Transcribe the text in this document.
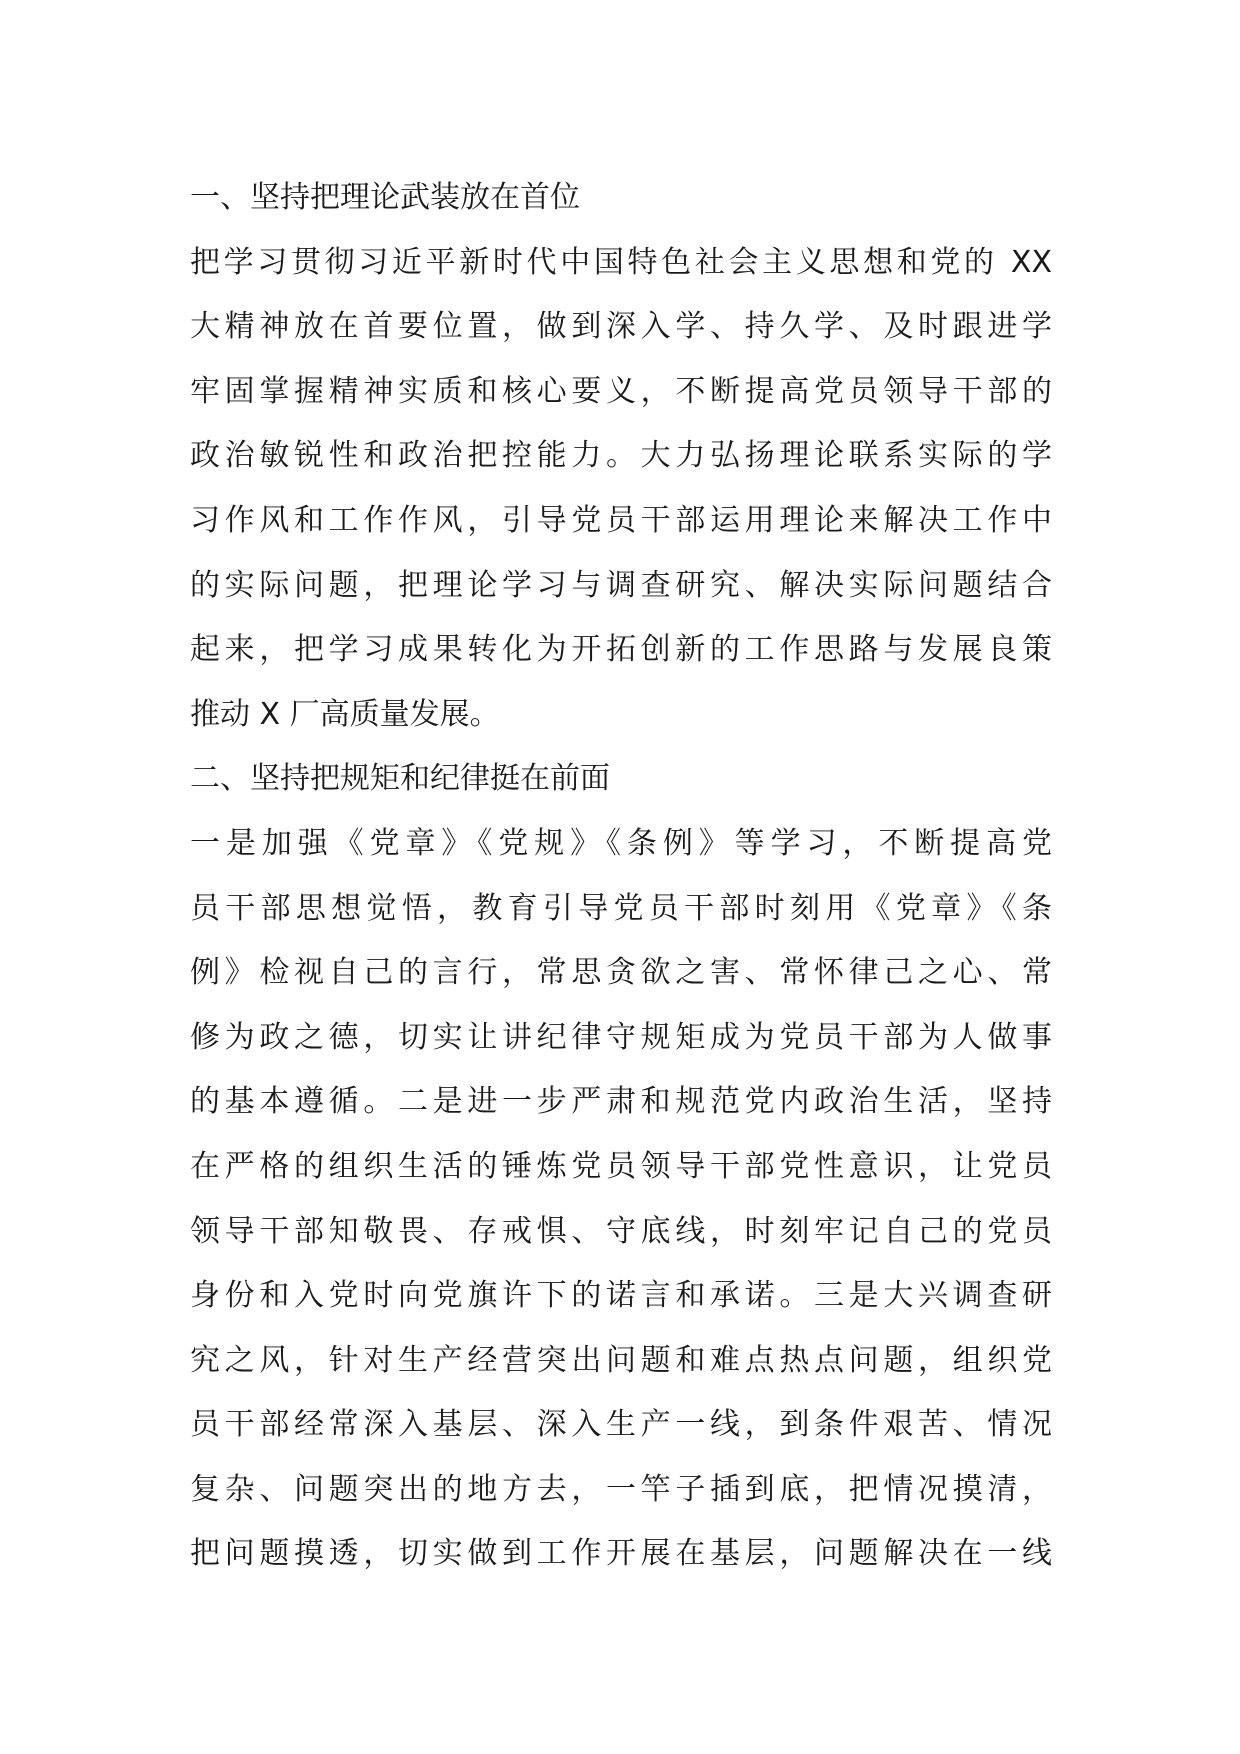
一、坚持把理论武装放在首位
把学习贯彻习近平新时代中国特色社会主义思想和党的 XX
大精神放在首要位置，做到深入学、持久学、及时跟进学
牢固掌握精神实质和核心要义，不断提高党员领导干部的
政治敏锐性和政治把控能力。大力弘扬理论联系实际的学
习作风和工作作风，引导党员干部运用理论来解决工作中
的实际问题，把理论学习与调查研究、解决实际问题结合
起来，把学习成果转化为开拓创新的工作思路与发展良策
推动 X 厂高质量发展。
二、坚持把规矩和纪律挺在前面
一是加强《党章》《党规》《条例》等学习，不断提高党
员干部思想觉悟，教育引导党员干部时刻用《党章》《条
例》检视自己的言行，常思贪欲之害、常怀律己之心、常
修为政之德，切实让讲纪律守规矩成为党员干部为人做事
的基本遵循。二是进一步严肃和规范党内政治生活，坚持
在严格的组织生活的锤炼党员领导干部党性意识，让党员
领导干部知敬畏、存戒惧、守底线，时刻牢记自己的党员
身份和入党时向党旗许下的诺言和承诺。三是大兴调查研
究之风，针对生产经营突出问题和难点热点问题，组织党
员干部经常深入基层、深入生产一线，到条件艰苦、情况
复杂、问题突出的地方去，一竿子插到底，把情况摸清，
把问题摸透，切实做到工作开展在基层，问题解决在一线
